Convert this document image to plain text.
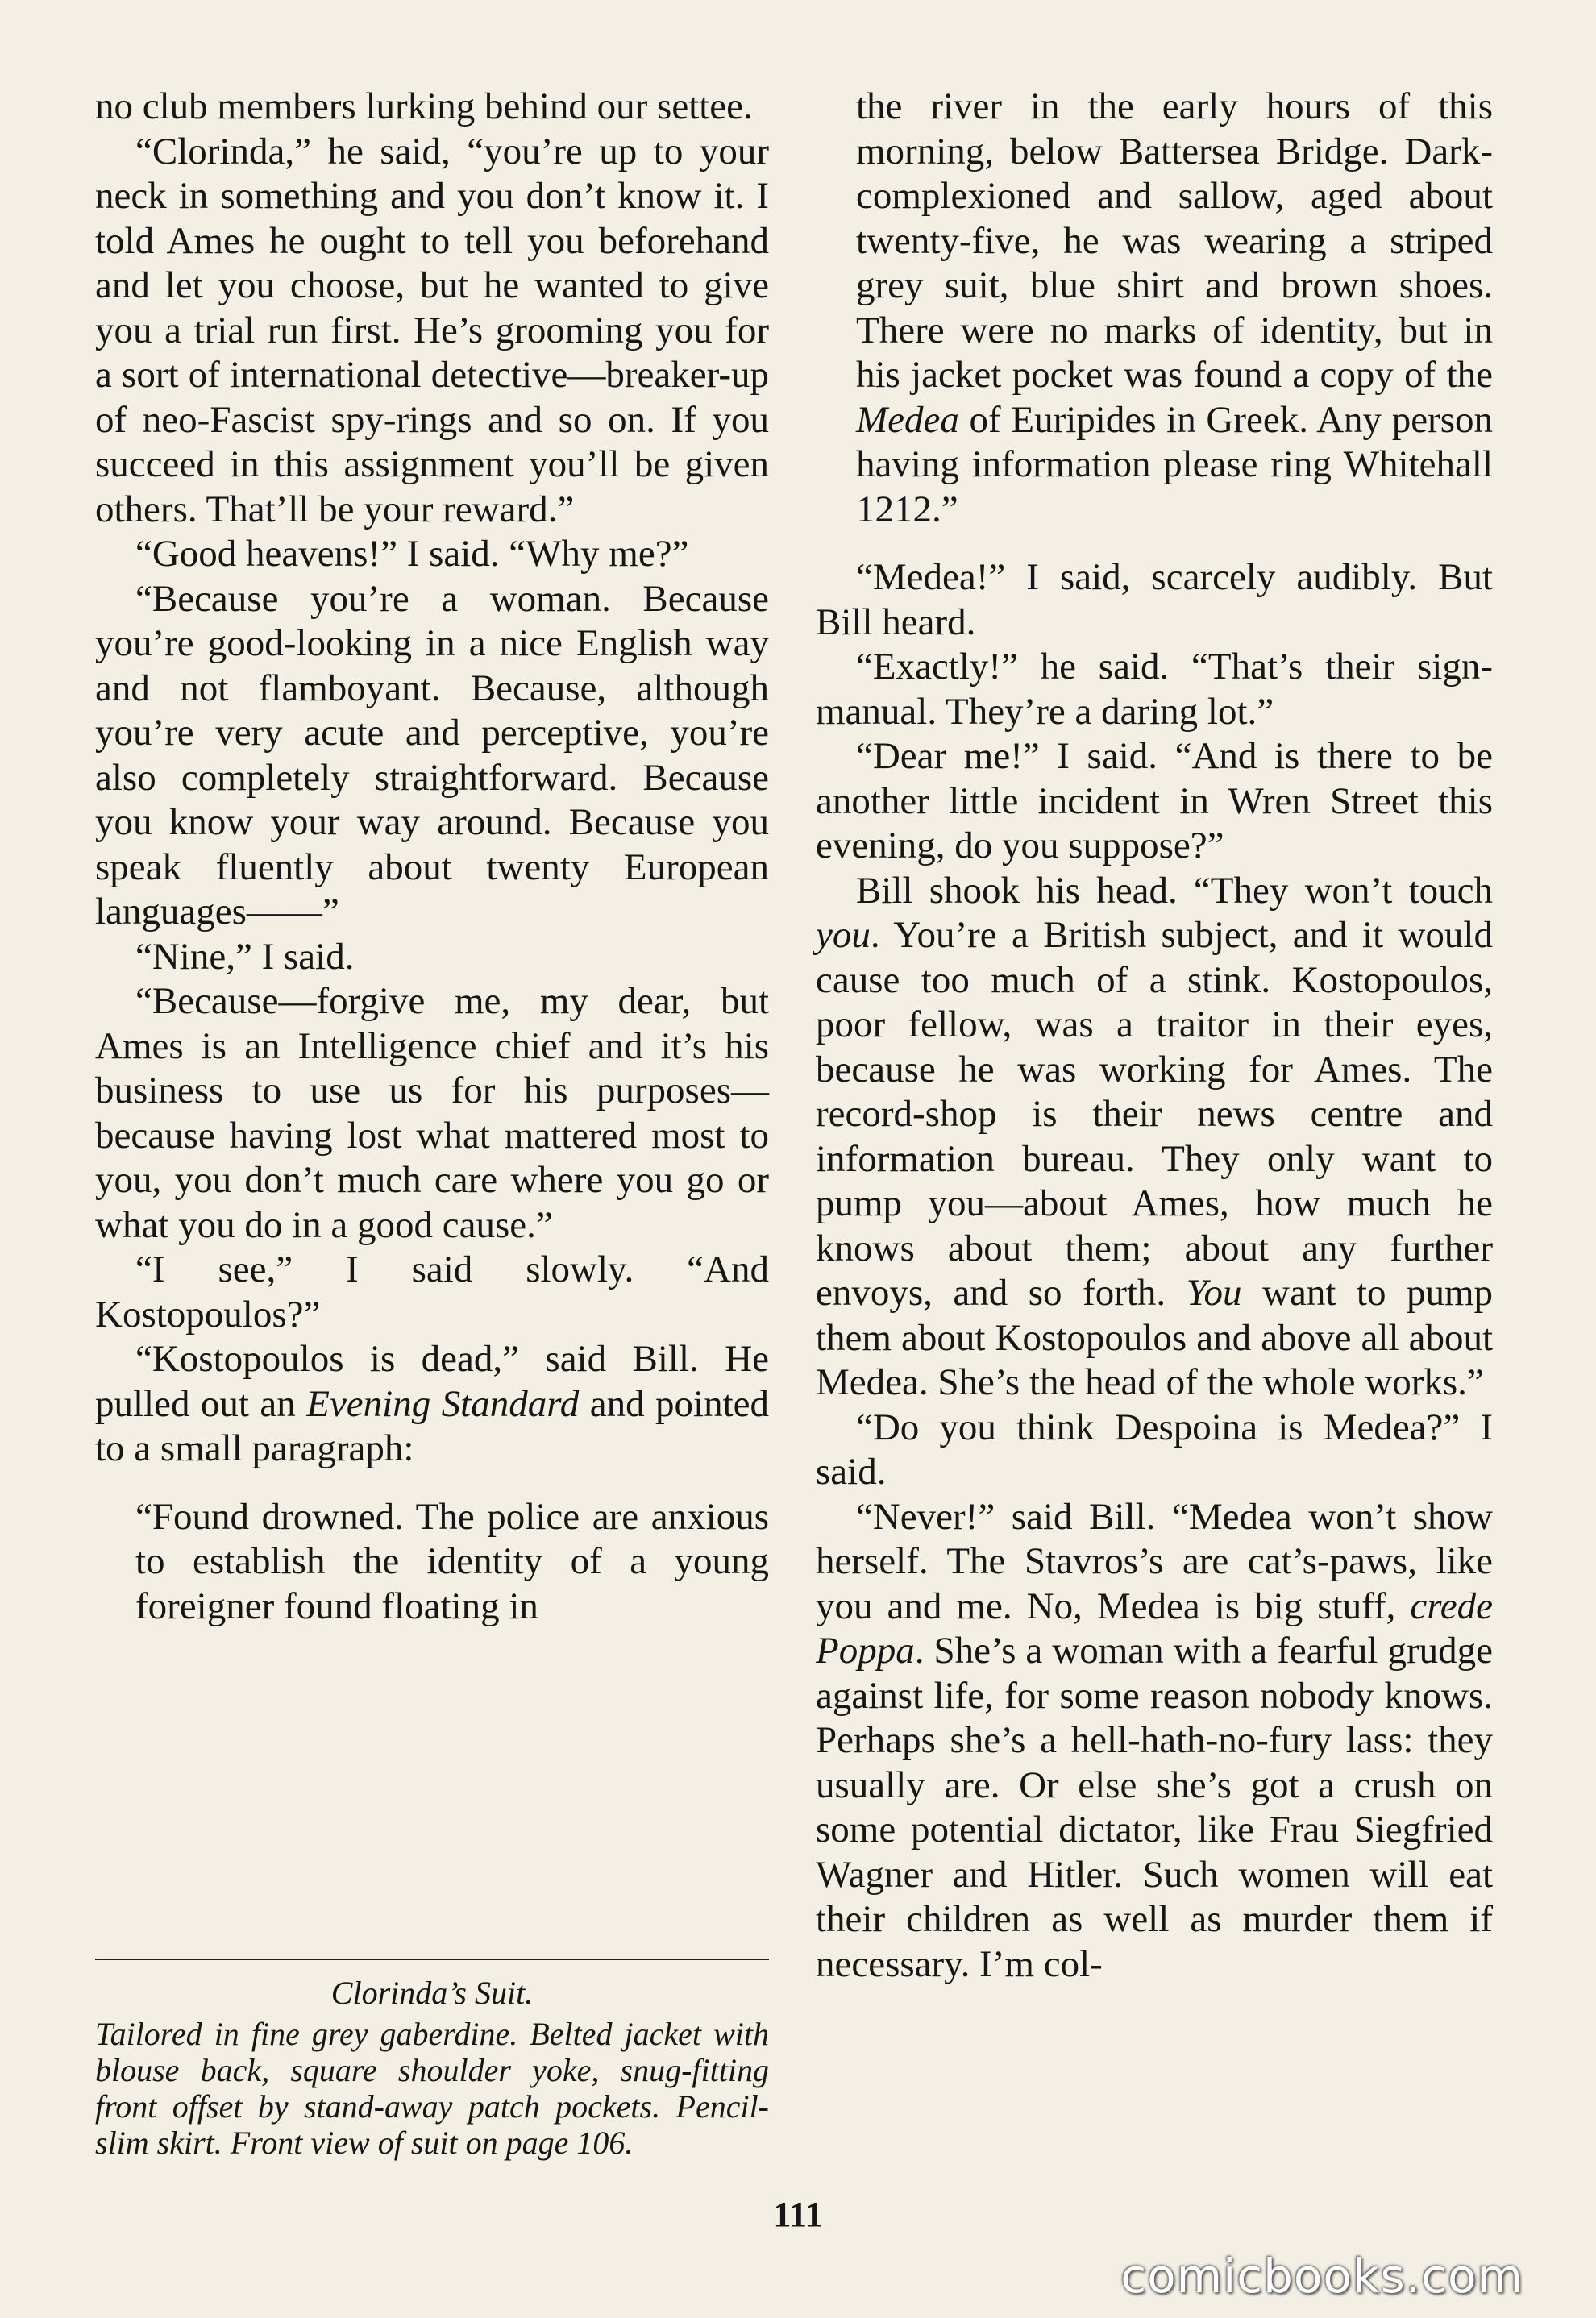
no club members lurking behind our settee.

“Clorinda,” he said, “you’re up to your neck in something and you don’t know it. I told Ames he ought to tell you beforehand and let you choose, but he wanted to give you a trial run first. He’s grooming you for a sort of international detective—breaker-up of neo-Fascist spy-rings and so on. If you succeed in this assignment you’ll be given others. That’ll be your reward.”

“Good heavens!” I said. “Why me?”

“Because you’re a woman. Because you’re good-looking in a nice English way and not flamboyant. Because, although you’re very acute and perceptive, you’re also completely straightforward. Because you know your way around. Because you speak fluently about twenty European languages——”

“Nine,” I said.

“Because—forgive me, my dear, but Ames is an Intelligence chief and it’s his business to use us for his purposes—because having lost what mattered most to you, you don’t much care where you go or what you do in a good cause.”

“I see,” I said slowly. “And Kostopoulos?”

“Kostopoulos is dead,” said Bill. He pulled out an Evening Standard and pointed to a small paragraph:

“Found drowned. The police are anxious to establish the identity of a young foreigner found floating in

Clorinda’s Suit.

Tailored in fine grey gaberdine. Belted jacket with blouse back, square shoulder yoke, snug-fitting front offset by stand-away patch pockets. Pencil-slim skirt. Front view of suit on page 106.

the river in the early hours of this morning, below Battersea Bridge. Dark-complexioned and sallow, aged about twenty-five, he was wearing a striped grey suit, blue shirt and brown shoes. There were no marks of identity, but in his jacket pocket was found a copy of the Medea of Euripides in Greek. Any person having information please ring Whitehall 1212.”

“Medea!” I said, scarcely audibly. But Bill heard.

“Exactly!” he said. “That’s their sign-manual. They’re a daring lot.”

“Dear me!” I said. “And is there to be another little incident in Wren Street this evening, do you suppose?”

Bill shook his head. “They won’t touch you. You’re a British subject, and it would cause too much of a stink. Kostopoulos, poor fellow, was a traitor in their eyes, because he was working for Ames. The record-shop is their news centre and information bureau. They only want to pump you—about Ames, how much he knows about them; about any further envoys, and so forth. You want to pump them about Kostopoulos and above all about Medea. She’s the head of the whole works.”

“Do you think Despoina is Medea?” I said.

“Never!” said Bill. “Medea won’t show herself. The Stavros’s are cat’s-paws, like you and me. No, Medea is big stuff, crede Poppa. She’s a woman with a fearful grudge against life, for some reason nobody knows. Perhaps she’s a hell-hath-no-fury lass: they usually are. Or else she’s got a crush on some potential dictator, like Frau Siegfried Wagner and Hitler. Such women will eat their children as well as murder them if necessary. I’m col-

111
comicbooks.com
